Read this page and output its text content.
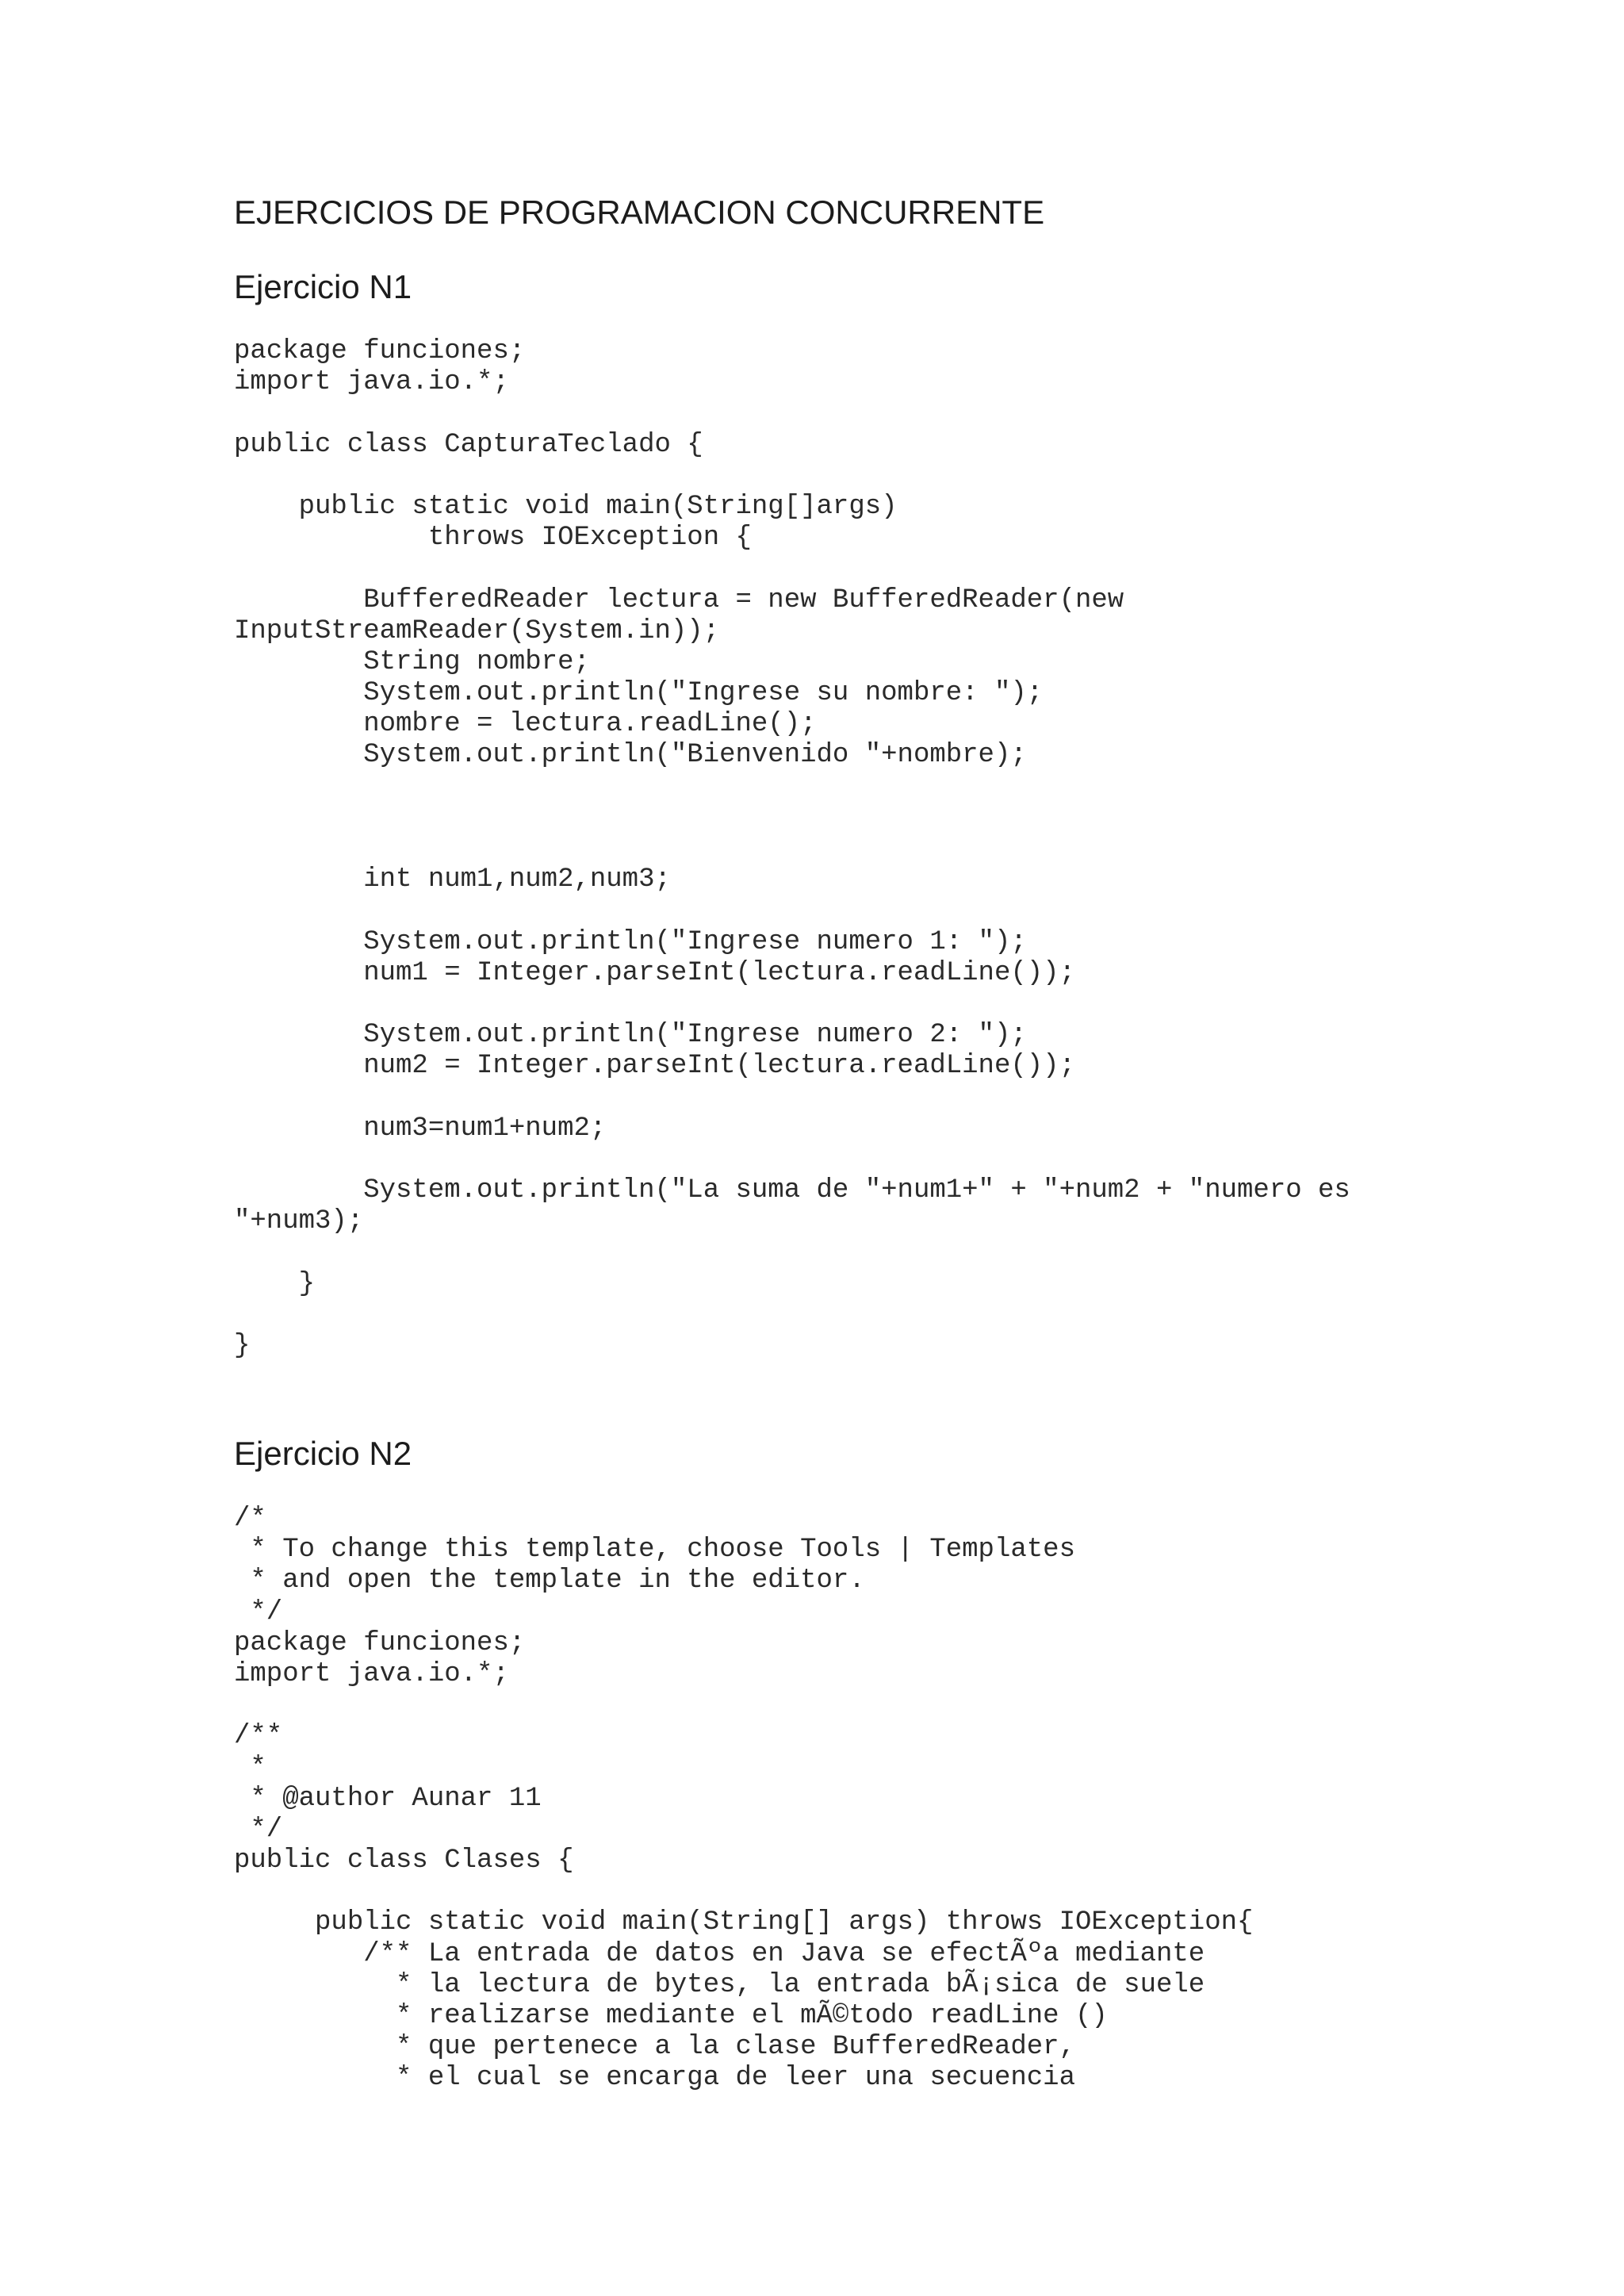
EJERCICIOS DE PROGRAMACION CONCURRENTE
Ejercicio N1
package funciones;
import java.io.*;
public class CapturaTeclado {
public static void main(String[]args)
throws IOException {
BufferedReader lectura = new BufferedReader(new
InputStreamReader(System.in));
String nombre;
System.out.println("Ingrese su nombre: ");
nombre = lectura.readLine();
System.out.println("Bienvenido "+nombre);
int num1,num2,num3;
System.out.println("Ingrese numero 1: ");
num1 = Integer.parseInt(lectura.readLine());
System.out.println("Ingrese numero 2: ");
num2 = Integer.parseInt(lectura.readLine());
num3=num1+num2;
System.out.println("La suma de "+num1+" + "+num2 + "numero es
"+num3);
}
}
Ejercicio N2
/*
* To change this template, choose Tools | Templates
* and open the template in the editor.
*/
package funciones;
import java.io.*;
/**
*
* @author Aunar 11
*/
public class Clases {
public static void main(String[] args) throws IOException{
/** La entrada de datos en Java se efectÃºa mediante
* la lectura de bytes, la entrada bÃ¡sica de suele
* realizarse mediante el mÃ©todo readLine ()
* que pertenece a la clase BufferedReader,
* el cual se encarga de leer una secuencia
